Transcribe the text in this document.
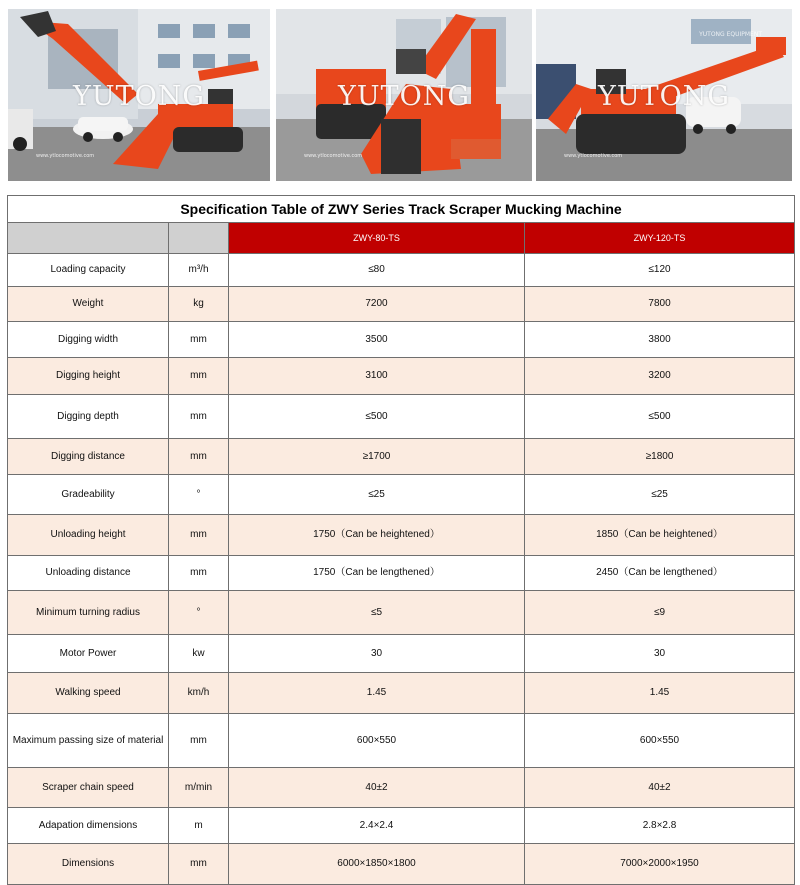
YUTONG
www.ytlocomotive.com
YUTONG
www.ytlocomotive.com
YUTONG
www.ytlocomotive.com
YUTONG EQUIPMENT
Specification Table of ZWY Series Track Scraper Mucking Machine			
		ZWY-80-TS	ZWY-120-TS
Loading capacity	m³/h	≤80	≤120
Weight	kg	7200	7800
Digging width	mm	3500	3800
Digging height	mm	3100	3200
Digging depth	mm	≤500	≤500
Digging distance	mm	≥1700	≥1800
Gradeability	°	≤25	≤25
Unloading height	mm	1750（Can be heightened）	1850（Can be heightened）
Unloading distance	mm	1750（Can be lengthened）	2450（Can be lengthened）
Minimum turning radius	°	≤5	≤9
Motor Power	kw	30	30
Walking speed	km/h	1.45	1.45
Maximum passing size of material	mm	600×550	600×550
Scraper chain speed	m/min	40±2	40±2
Adapation dimensions	m	2.4×2.4	2.8×2.8
Dimensions	mm	6000×1850×1800	7000×2000×1950
